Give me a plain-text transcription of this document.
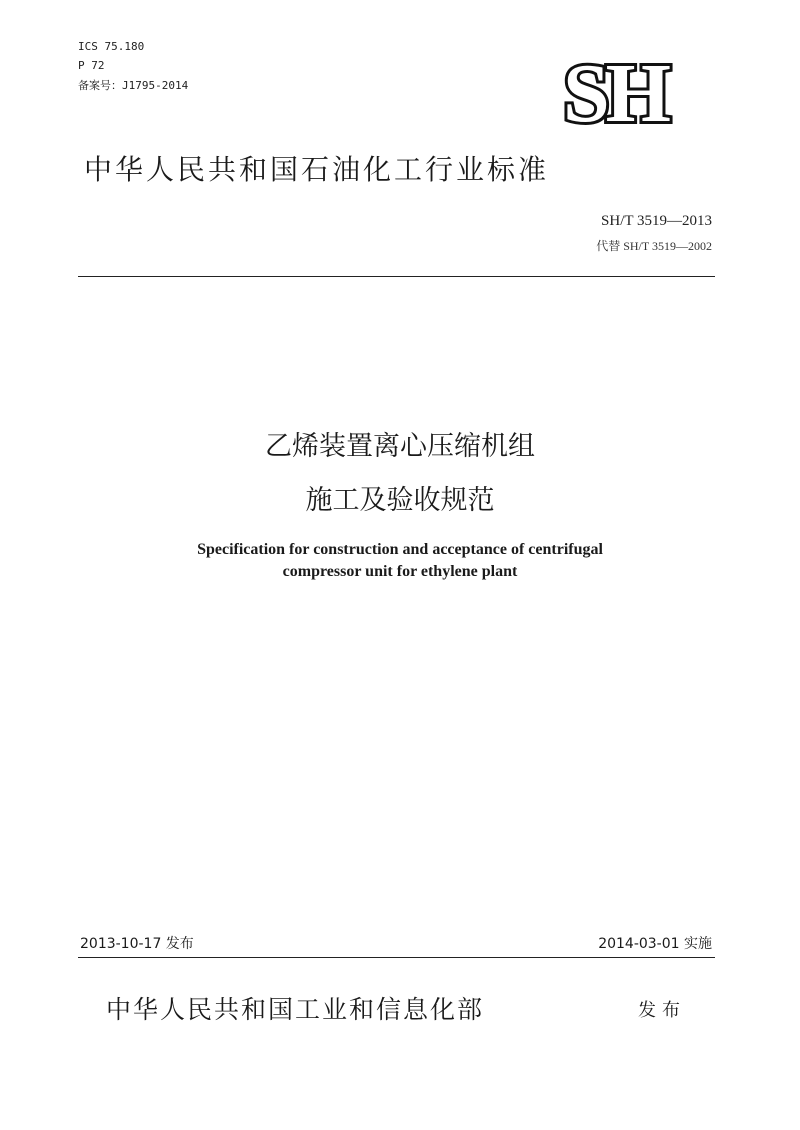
ICS 75.180
P 72
备案号：J1795-2014	SH
中华人民共和国石油化工行业标准
SH/T 3519—2013
代替 SH/T 3519—2002
乙烯装置离心压缩机组
施工及验收规范
Specification for construction and acceptance of centrifugal
compressor unit for ethylene plant
2013-10-17 发布	2014-03-01 实施
中华人民共和国工业和信息化部	发布
